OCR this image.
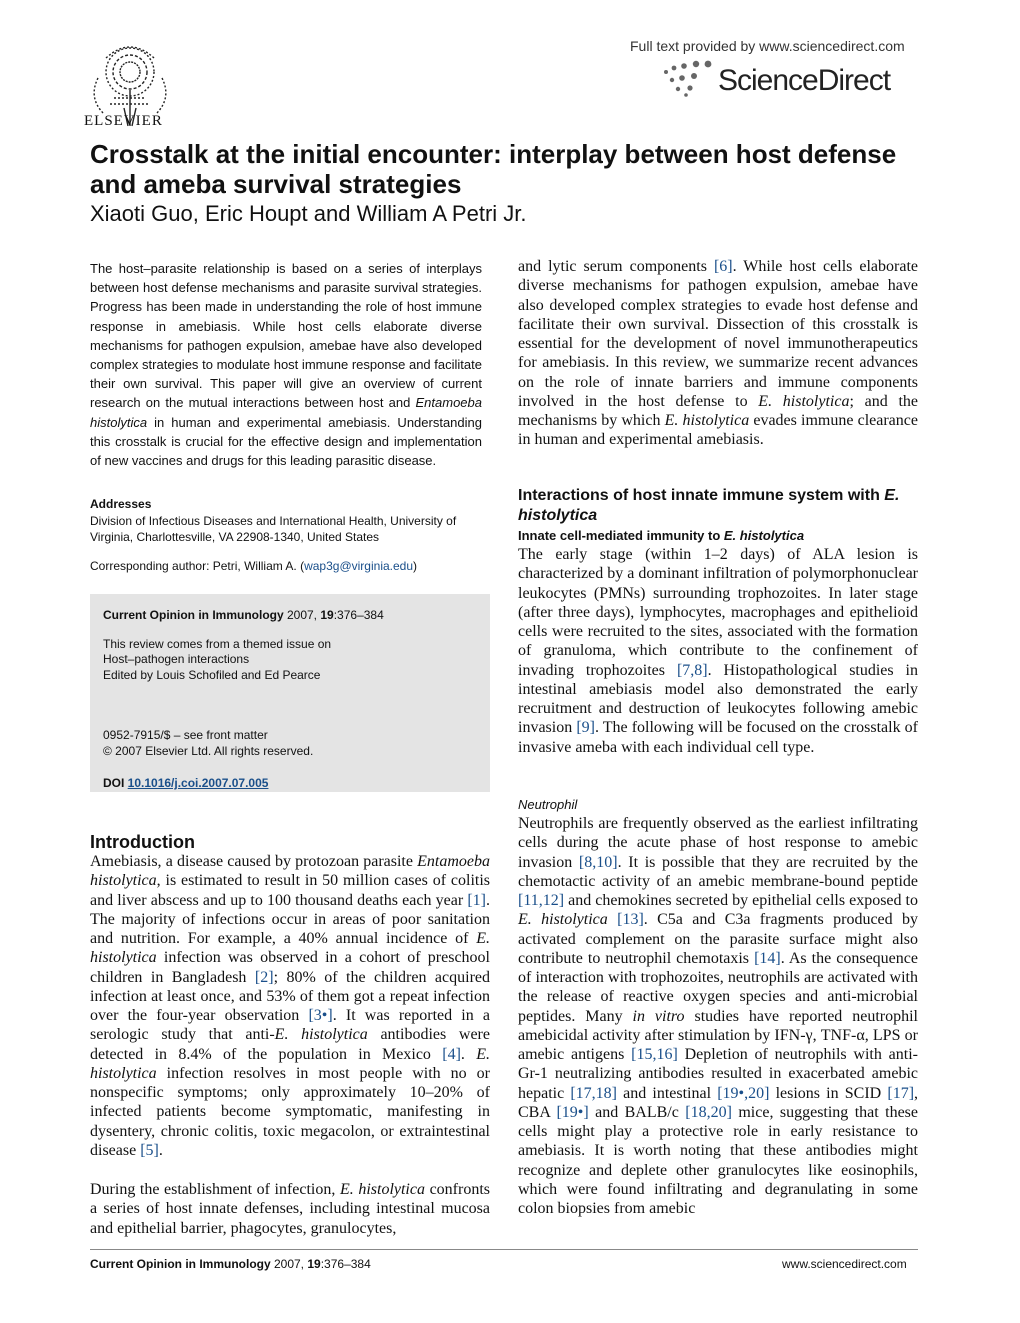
ELSEVIER
Full text provided by www.sciencedirect.com
ScienceDirect
Crosstalk at the initial encounter: interplay between host defense and ameba survival strategies
Xiaoti Guo, Eric Houpt and William A Petri Jr.
The host–parasite relationship is based on a series of interplays between host defense mechanisms and parasite survival strategies. Progress has been made in understanding the role of host immune response in amebiasis. While host cells elaborate diverse mechanisms for pathogen expulsion, amebae have also developed complex strategies to modulate host immune response and facilitate their own survival. This paper will give an overview of current research on the mutual interactions between host and Entamoeba histolytica in human and experimental amebiasis. Understanding this crosstalk is crucial for the effective design and implementation of new vaccines and drugs for this leading parasitic disease.
Addresses
Division of Infectious Diseases and International Health, University of Virginia, Charlottesville, VA 22908-1340, United States
Corresponding author: Petri, William A. (wap3g@virginia.edu)
Current Opinion in Immunology 2007, 19:376–384
This review comes from a themed issue on
Host–pathogen interactions
Edited by Louis Schofiled and Ed Pearce
0952-7915/$ – see front matter
© 2007 Elsevier Ltd. All rights reserved.
DOI 10.1016/j.coi.2007.07.005
Introduction
Amebiasis, a disease caused by protozoan parasite Entamoeba histolytica, is estimated to result in 50 million cases of colitis and liver abscess and up to 100 thousand deaths each year [1]. The majority of infections occur in areas of poor sanitation and nutrition. For example, a 40% annual incidence of E. histolytica infection was observed in a cohort of preschool children in Bangladesh [2]; 80% of the children acquired infection at least once, and 53% of them got a repeat infection over the four-year observation [3•]. It was reported in a serologic study that anti-E. histolytica antibodies were detected in 8.4% of the population in Mexico [4]. E. histolytica infection resolves in most people with no or nonspecific symptoms; only approximately 10–20% of infected patients become symptomatic, manifesting in dysentery, chronic colitis, toxic megacolon, or extraintestinal disease [5].
During the establishment of infection, E. histolytica confronts a series of host innate defenses, including intestinal mucosa and epithelial barrier, phagocytes, granulocytes,
and lytic serum components [6]. While host cells elaborate diverse mechanisms for pathogen expulsion, amebae have also developed complex strategies to evade host defense and facilitate their own survival. Dissection of this crosstalk is essential for the development of novel immunotherapeutics for amebiasis. In this review, we summarize recent advances on the role of innate barriers and immune components involved in the host defense to E. histolytica; and the mechanisms by which E. histolytica evades immune clearance in human and experimental amebiasis.
Interactions of host innate immune system with E. histolytica
Innate cell-mediated immunity to E. histolytica
The early stage (within 1–2 days) of ALA lesion is characterized by a dominant infiltration of polymorphonuclear leukocytes (PMNs) surrounding trophozoites. In later stage (after three days), lymphocytes, macrophages and epithelioid cells were recruited to the sites, associated with the formation of granuloma, which contribute to the confinement of invading trophozoites [7,8]. Histopathological studies in intestinal amebiasis model also demonstrated the early recruitment and destruction of leukocytes following amebic invasion [9]. The following will be focused on the crosstalk of invasive ameba with each individual cell type.
Neutrophil
Neutrophils are frequently observed as the earliest infiltrating cells during the acute phase of host response to amebic invasion [8,10]. It is possible that they are recruited by the chemotactic activity of an amebic membrane-bound peptide [11,12] and chemokines secreted by epithelial cells exposed to E. histolytica [13]. C5a and C3a fragments produced by activated complement on the parasite surface might also contribute to neutrophil chemotaxis [14]. As the consequence of interaction with trophozoites, neutrophils are activated with the release of reactive oxygen species and anti-microbial peptides. Many in vitro studies have reported neutrophil amebicidal activity after stimulation by IFN-γ, TNF-α, LPS or amebic antigens [15,16] Depletion of neutrophils with anti-Gr-1 neutralizing antibodies resulted in exacerbated amebic hepatic [17,18] and intestinal [19•,20] lesions in SCID [17], CBA [19•] and BALB/c [18,20] mice, suggesting that these cells might play a protective role in early resistance to amebiasis. It is worth noting that these antibodies might recognize and deplete other granulocytes like eosinophils, which were found infiltrating and degranulating in some colon biopsies from amebic
Current Opinion in Immunology 2007, 19:376–384	www.sciencedirect.com
